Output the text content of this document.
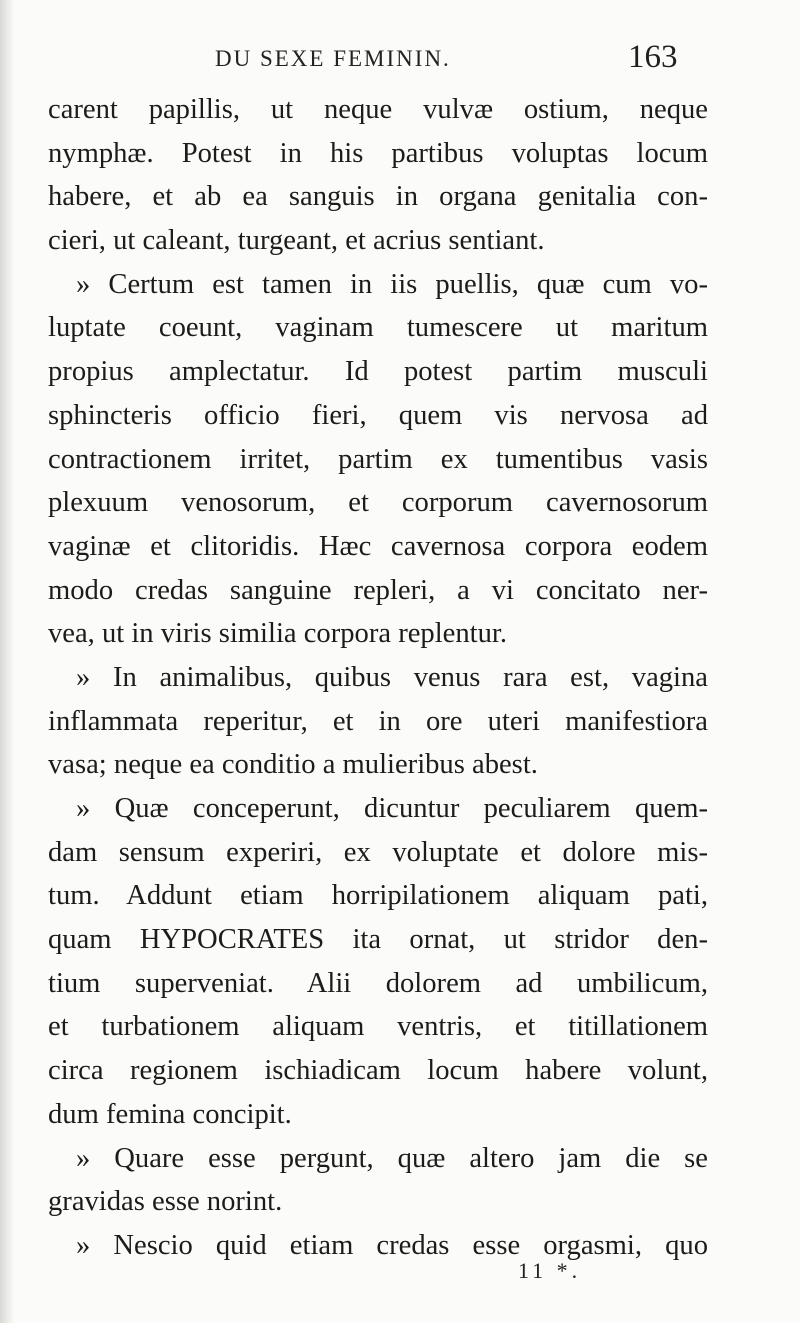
DU SEXE FEMININ.	163
carent papillis, ut neque vulvæ ostium, neque
nymphæ. Potest in his partibus voluptas locum
habere, et ab ea sanguis in organa genitalia con-
cieri, ut caleant, turgeant, et acrius sentiant.
» Certum est tamen in iis puellis, quæ cum vo-
luptate coeunt, vaginam tumescere ut maritum
propius amplectatur. Id potest partim musculi
sphincteris officio fieri, quem vis nervosa ad
contractionem irritet, partim ex tumentibus vasis
plexuum venosorum, et corporum cavernosorum
vaginæ et clitoridis. Hæc cavernosa corpora eodem
modo credas sanguine repleri, a vi concitato ner-
vea, ut in viris similia corpora replentur.
» In animalibus, quibus venus rara est, vagina
inflammata reperitur, et in ore uteri manifestiora
vasa; neque ea conditio a mulieribus abest.
» Quæ conceperunt, dicuntur peculiarem quem-
dam sensum experiri, ex voluptate et dolore mis-
tum. Addunt etiam horripilationem aliquam pati,
quam HYPOCRATES ita ornat, ut stridor den-
tium superveniat. Alii dolorem ad umbilicum,
et turbationem aliquam ventris, et titillationem
circa regionem ischiadicam locum habere volunt,
dum femina concipit.
» Quare esse pergunt, quæ altero jam die se
gravidas esse norint.
» Nescio quid etiam credas esse orgasmi, quo
11 *.
